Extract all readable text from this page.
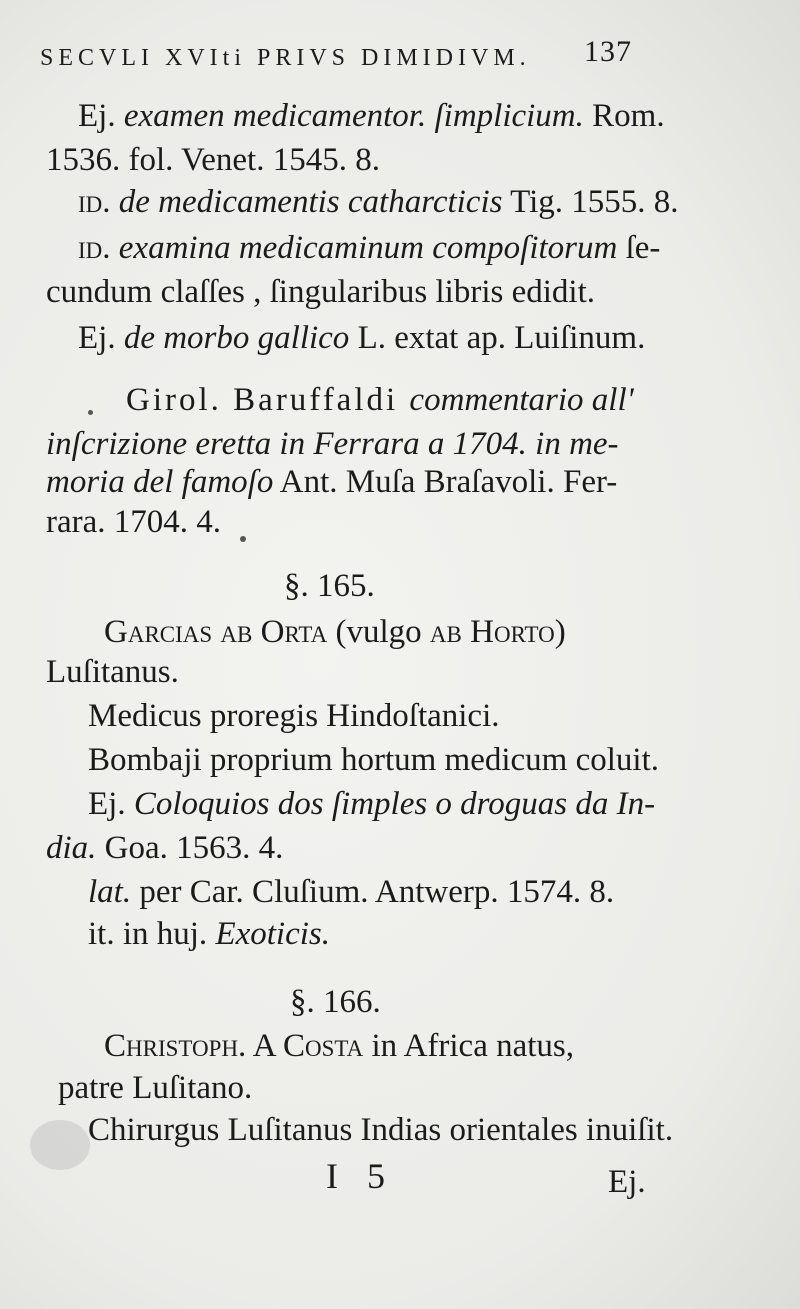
SECVLI XVIti PRIVS DIMIDIVM. 137
Ej. examen medicamentor. ſimplicium. Rom.
1536. fol. Venet. 1545. 8.
id. de medicamentis catharcticis Tig. 1555. 8.
id. examina medicaminum compoſitorum ſe-
cundum claſſes , ſingularibus libris edidit.
Ej. de morbo gallico L. extat ap. Luiſinum.
Girol. Baruffaldi commentario all'
inſcrizione eretta in Ferrara a 1704. in me-
moria del famoſo Ant. Muſa Braſavoli. Fer-
rara. 1704. 4.
§. 165.
Garcias ab Orta (vulgo ab Horto)
Luſitanus.
Medicus proregis Hindoſtanici.
Bombaji proprium hortum medicum coluit.
Ej. Coloquios dos ſimples o droguas da In-
dia. Goa. 1563. 4.
lat. per Car. Cluſium. Antwerp. 1574. 8.
it. in huj. Exoticis.
§. 166.
Christoph. A Costa in Africa natus,
patre Luſitano.
Chirurgus Luſitanus Indias orientales inuiſit.
I 5	Ej.
